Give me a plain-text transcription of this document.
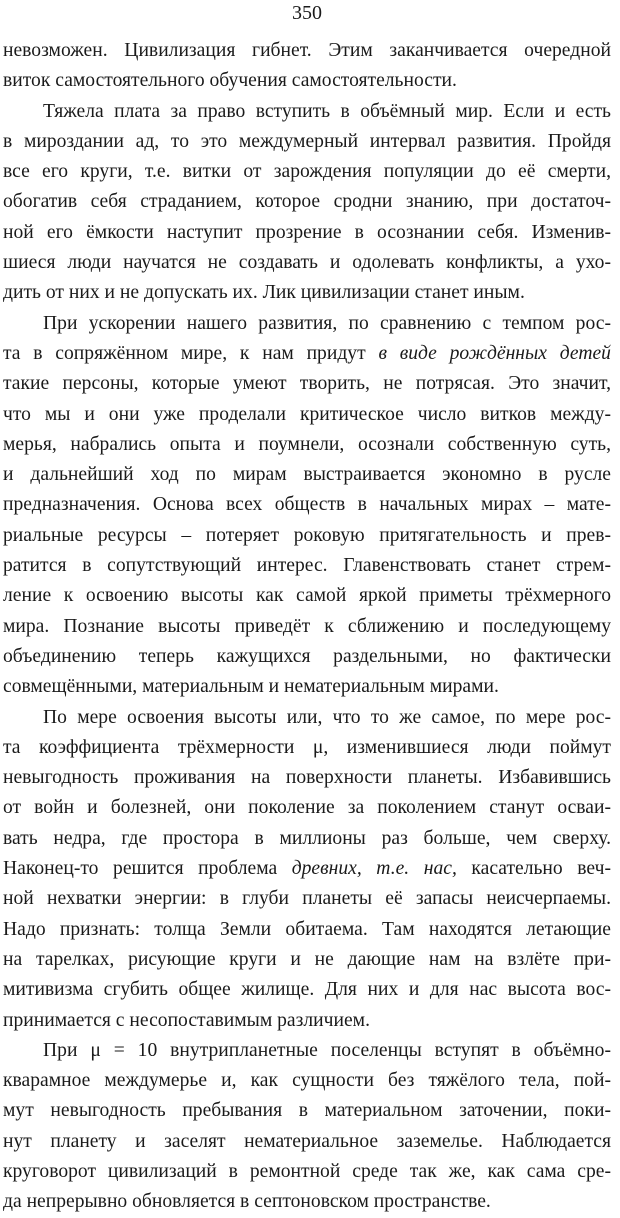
350
невозможен. Цивилизация гибнет. Этим заканчивается очередной
виток самостоятельного обучения самостоятельности.
Тяжела плата за право вступить в объёмный мир. Если и есть
в мироздании ад, то это междумерный интервал развития. Пройдя
все его круги, т.е. витки от зарождения популяции до её смерти,
обогатив себя страданием, которое сродни знанию, при достаточ-
ной его ёмкости наступит прозрение в осознании себя. Изменив-
шиеся люди научатся не создавать и одолевать конфликты, а ухо-
дить от них и не допускать их. Лик цивилизации станет иным.
При ускорении нашего развития, по сравнению с темпом рос-
та в сопряжённом мире, к нам придут в виде рождённых детей
такие персоны, которые умеют творить, не потрясая. Это значит,
что мы и они уже проделали критическое число витков между-
мерья, набрались опыта и поумнели, осознали собственную суть,
и дальнейший ход по мирам выстраивается экономно в русле
предназначения. Основа всех обществ в начальных мирах – мате-
риальные ресурсы – потеряет роковую притягательность и прев-
ратится в сопутствующий интерес. Главенствовать станет стрем-
ление к освоению высоты как самой яркой приметы трёхмерного
мира. Познание высоты приведёт к сближению и последующему
объединению теперь кажущихся раздельными, но фактически
совмещёнными, материальным и нематериальным мирами.
По мере освоения высоты или, что то же самое, по мере рос-
та коэффициента трёхмерности μ, изменившиеся люди поймут
невыгодность проживания на поверхности планеты. Избавившись
от войн и болезней, они поколение за поколением станут осваи-
вать недра, где простора в миллионы раз больше, чем сверху.
Наконец-то решится проблема древних, т.е. нас, касательно веч-
ной нехватки энергии: в глуби планеты её запасы неисчерпаемы.
Надо признать: толща Земли обитаема. Там находятся летающие
на тарелках, рисующие круги и не дающие нам на взлёте при-
митивизма сгубить общее жилище. Для них и для нас высота вос-
принимается с несопоставимым различием.
При μ = 10 внутрипланетные поселенцы вступят в объёмно-
кварамное междумерье и, как сущности без тяжёлого тела, пой-
мут невыгодность пребывания в материальном заточении, поки-
нут планету и заселят нематериальное заземелье. Наблюдается
круговорот цивилизаций в ремонтной среде так же, как сама сре-
да непрерывно обновляется в септоновском пространстве.
